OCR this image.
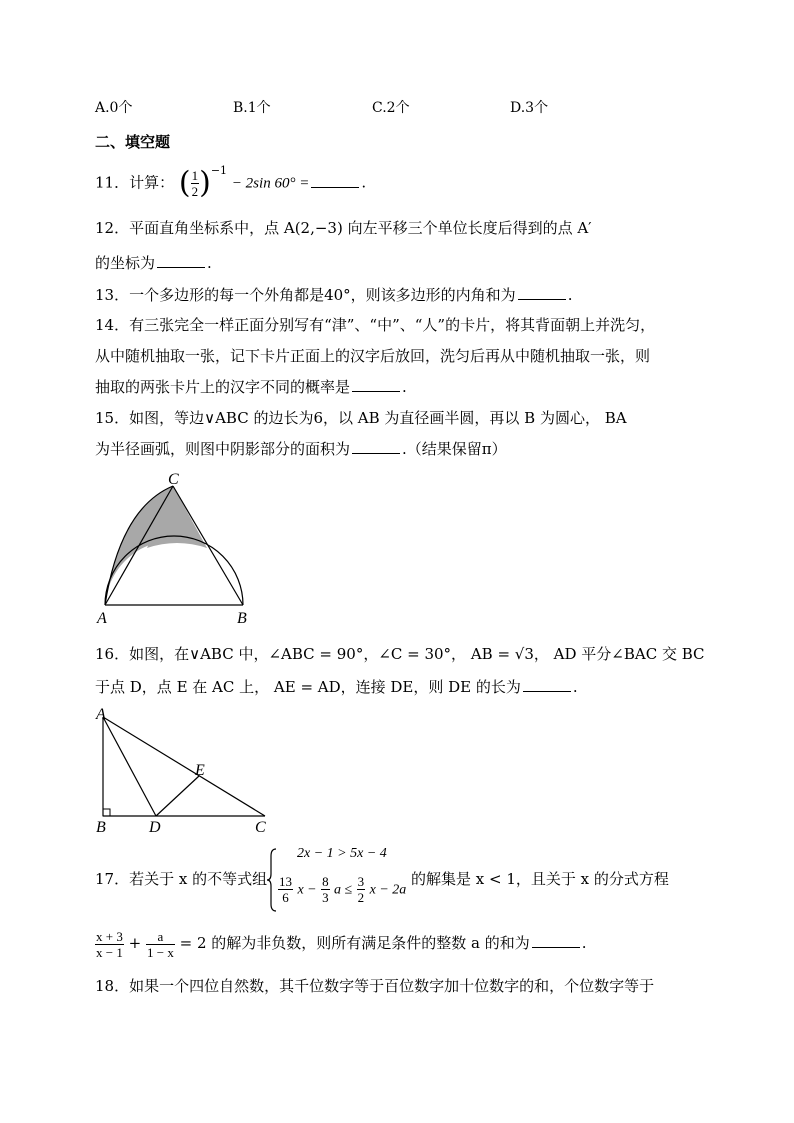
A.0个	B.1个	C.2个	D.3个
二、填空题
11．计算： ( $\frac{1}{2} )^{-1} - 2\sin$ 60° =	.
12．平面直角坐标系中，点 A(2,−3) 向左平移三个单位长度后得到的点 A′
的坐标为	.
13．一个多边形的每一个外角都是40°，则该多边形的内角和为	.
14．有三张完全一样正面分别写有“津”、“中”、“人”的卡片，将其背面朝上并洗匀，
从中随机抽取一张，记下卡片正面上的汉字后放回，洗匀后再从中随机抽取一张，则
抽取的两张卡片上的汉字不同的概率是	.
15．如图，等边∨ABC 的边长为6，以 AB 为直径画半圆，再以 B 为圆心， BA
为半径画弧，则图中阴影部分的面积为	.（结果保留π）
C
A	B
16．如图，在∨ABC 中，∠ABC = 90°，∠C = 30°， AB = √3， AD 平分∠BAC 交 BC
于点 D，点 E 在 AC 上， AE = AD，连接 DE，则 DE 的长为	.
A
B	C
D
E
17．若关于 x 的不等式组
2x − 1 > 5x − 4
$\frac{13}{6}$ $x - \frac{8}{3}$ $a \le \frac{3}{2}$ x − 2a
的解集是 x < 1，且关于 x 的分式方程
$\frac{x + 3}{x - 1} + \frac{a}{1 - x} = 2$ 的解为非负数，则所有满足条件的整数 a 的和为	.
18．如果一个四位自然数，其千位数字等于百位数字加十位数字的和，个位数字等于
